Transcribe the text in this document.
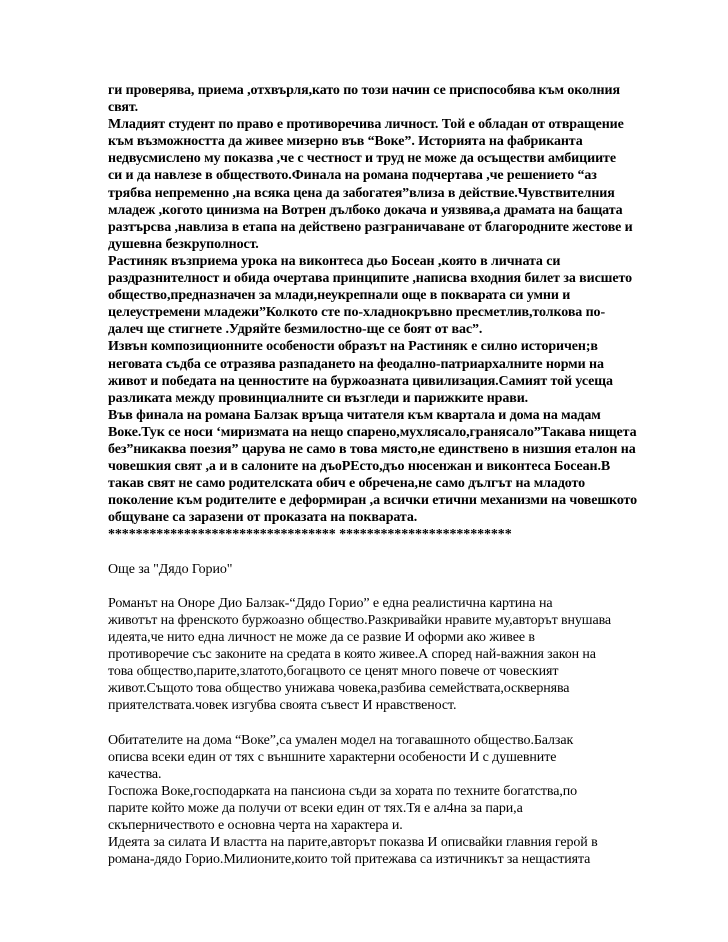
ги проверява, приема ,отхвърля,като по този начин се приспособява към околния

свят.

Младият студент по право е противоречива личност. Той е обладан от отвращение

към възможността да живее мизерно във “Воке”. Историята на фабриканта

недвусмислено му показва ,че с честност и труд не може да осъществи амбициите

си и да навлезе в обществото.Финала на романа подчертава ,че решението “аз

трябва непременно ,на всяка цена да забогатея”влиза в действие.Чувствителния

младеж ,когото цинизма на Вотрен дълбоко докача и уязвява,а драмата на бащата

разтърсва ,навлиза в етапа на действено разграничаване от благородните жестове и

душевна безкруполност.

Растиняк възприема урока на виконтеса дьо Босеан ,която в личната си

раздразнителност и обида очертава принципите ,написва входния билет за висшето

общество,предназначен за млади,неукрепнали още в покварата си умни и

целеустремени младежи”Колкото сте по-хладнокръвно пресметлив,толкова по-

далеч ще стигнете .Удряйте безмилостно-ще се боят от вас”.

Извън композиционните особености образът на Растиняк е силно историчен;в

неговата съдба се отразява разпадането на феодално-патриархалните норми на

живот и победата на ценностите на буржоазната цивилизация.Самият той усеща

разликата между провинциалните си възгледи и парижките нрави.

Във финала на романа Балзак връща читателя към квартала и дома на мадам

Воке.Тук се носи ‘миризмата на нещо спарено,мухлясало,гранясало”Такава нищета

без”никаква поезия” царува не само в това място,не единствено в низшия еталон на

човешкия свят ,а и в салоните на дъоРЕсто,дъо нюсенжан и виконтеса Босеан.В

такав свят не само родителската обич е обречена,не само дългът на младото

поколение към родителите е деформиран ,а всички етични механизми на човешкото

общуване са заразени от проказата на покварата.

********************************* *************************

Още за "Дядо Горио"

Романът на Оноре Дио Балзак-“Дядо Горио” е една реалистична картина на

животът на френското буржоазно общество.Разкривайки нравите му,авторът внушава

идеята,че нито една личност не може да се развие И оформи ако живее в

противоречие със законите на средата в която живее.А според най-важния закон на

това общество,парите,златото,богацвото се ценят много повече от човеският

живот.Същото това общество унижава човека,разбива семействата,осквернява

приятелствата.човек изгубва своята съвест И нравственост.

Обитателите на дома “Воке”,са умален модел на тогавашното общество.Балзак

описва всеки един от тях с външните характерни особености И с душевните

качества.

Госпожа Воке,господарката на пансиона съди за хората по техните богатства,по

парите който може да получи от всеки един от тях.Тя е ал4на за пари,а

скъперничеството е основна черта на характера и.

Идеята за силата И властта на парите,авторът показва И описвайки главния герой в

романа-дядо Горио.Милионите,които той притежава са изтичникът за нещастията
